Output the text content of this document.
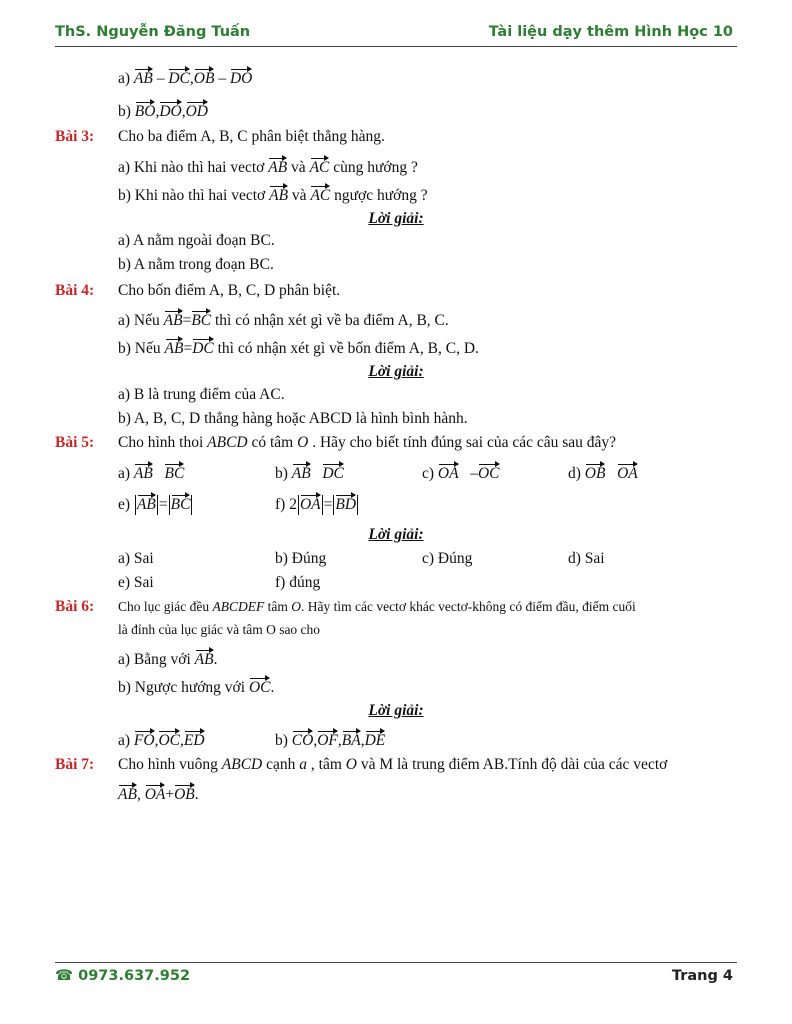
ThS. Nguyễn Đăng Tuấn	Tài liệu dạy thêm Hình Học 10
a) AB – DC,OB – DO
b) BO,DO,OD
Bài 3: Cho ba điểm A, B, C phân biệt thẳng hàng.
a) Khi nào thì hai vectơ AB và AC cùng hướng ?
b) Khi nào thì hai vectơ AB và AC ngược hướng ?
Lời giải:
a) A nằm ngoài đoạn BC.
b) A nằm trong đoạn BC.
Bài 4: Cho bốn điểm A, B, C, D phân biệt.
a) Nếu AB=BC thì có nhận xét gì về ba điểm A, B, C.
b) Nếu AB=DC thì có nhận xét gì về bốn điểm A, B, C, D.
Lời giải:
a) B là trung điểm của AC.
b) A, B, C, D thẳng hàng hoặc ABCD là hình bình hành.
Bài 5: Cho hình thoi ABCD có tâm O . Hãy cho biết tính đúng sai của các câu sau đây?
a) AB BC	b) AB DC	c) OA –OC	d) OB OA
e) AB = BC	f) 2 OA = BD
Lời giải:
a) Sai	b) Đúng	c) Đúng	d) Sai
e) Sai	f) đúng
Bài 6: Cho lục giác đều ABCDEF tâm O. Hãy tìm các vectơ khác vectơ-không có điểm đầu, điểm cuối
là đỉnh của lục giác và tâm O sao cho
a) Bằng với AB.
b) Ngược hướng với OC.
Lời giải:
a) FO,OC,ED	b) CO,OF,BA,DE
Bài 7: Cho hình vuông ABCD cạnh a , tâm O và M là trung điểm AB.Tính độ dài của các vectơ
AB, OA+OB.
☎ 0973.637.952	Trang 4
